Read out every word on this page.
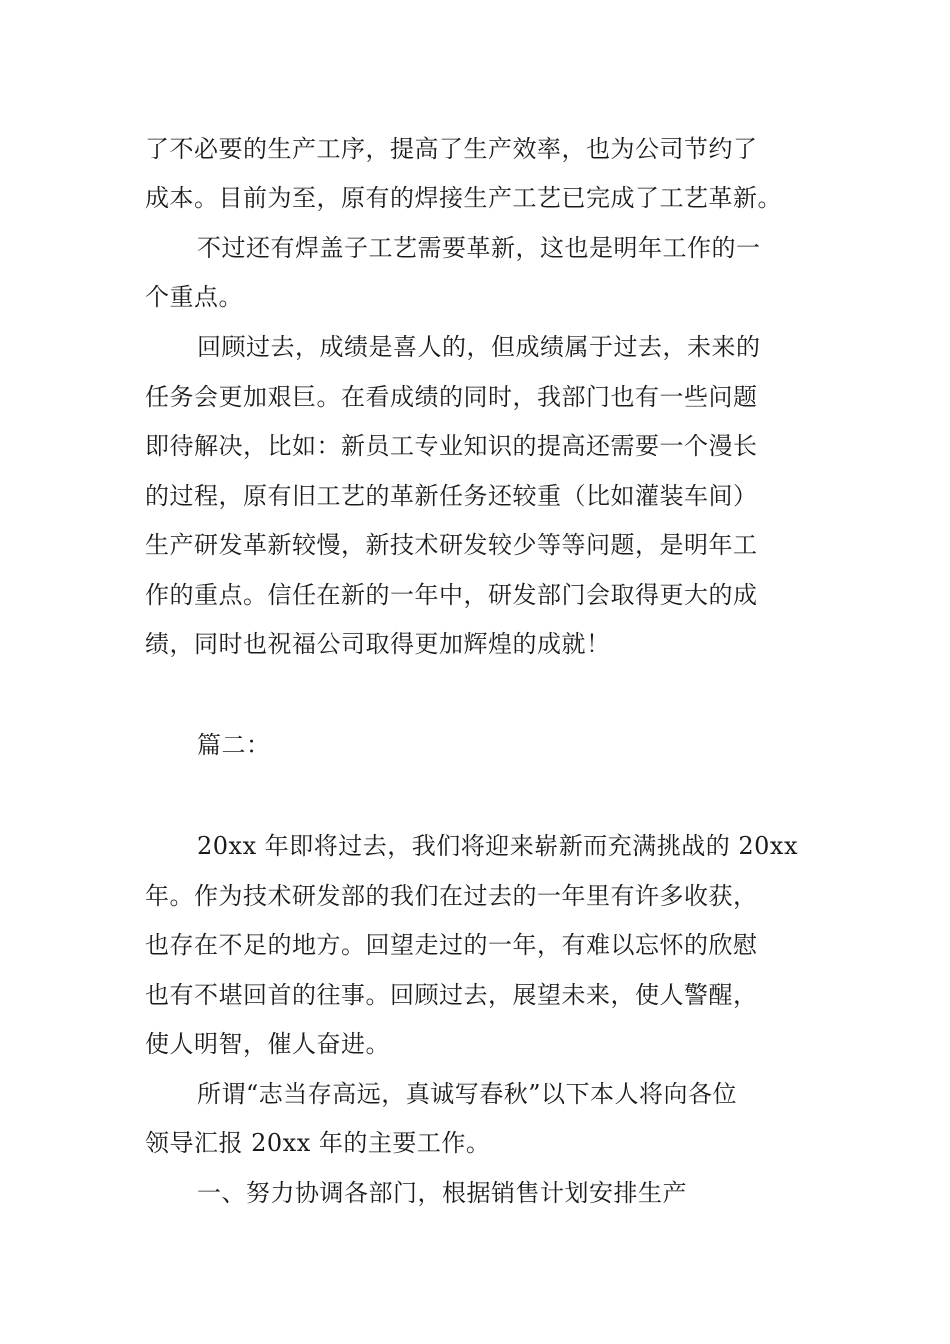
了不必要的生产工序，提高了生产效率，也为公司节约了
成本。目前为至，原有的焊接生产工艺已完成了工艺革新。
不过还有焊盖子工艺需要革新，这也是明年工作的一
个重点。
回顾过去，成绩是喜人的，但成绩属于过去，未来的
任务会更加艰巨。在看成绩的同时，我部门也有一些问题
即待解决，比如：新员工专业知识的提高还需要一个漫长
的过程，原有旧工艺的革新任务还较重（比如灌装车间）
生产研发革新较慢，新技术研发较少等等问题，是明年工
作的重点。信任在新的一年中，研发部门会取得更大的成
绩，同时也祝福公司取得更加辉煌的成就！
篇二：
20xx 年即将过去，我们将迎来崭新而充满挑战的 20xx
年。作为技术研发部的我们在过去的一年里有许多收获，
也存在不足的地方。回望走过的一年，有难以忘怀的欣慰
也有不堪回首的往事。回顾过去，展望未来，使人警醒，
使人明智，催人奋进。
所谓“志当存高远，真诚写春秋”以下本人将向各位
领导汇报 20xx 年的主要工作。
一、努力协调各部门，根据销售计划安排生产
